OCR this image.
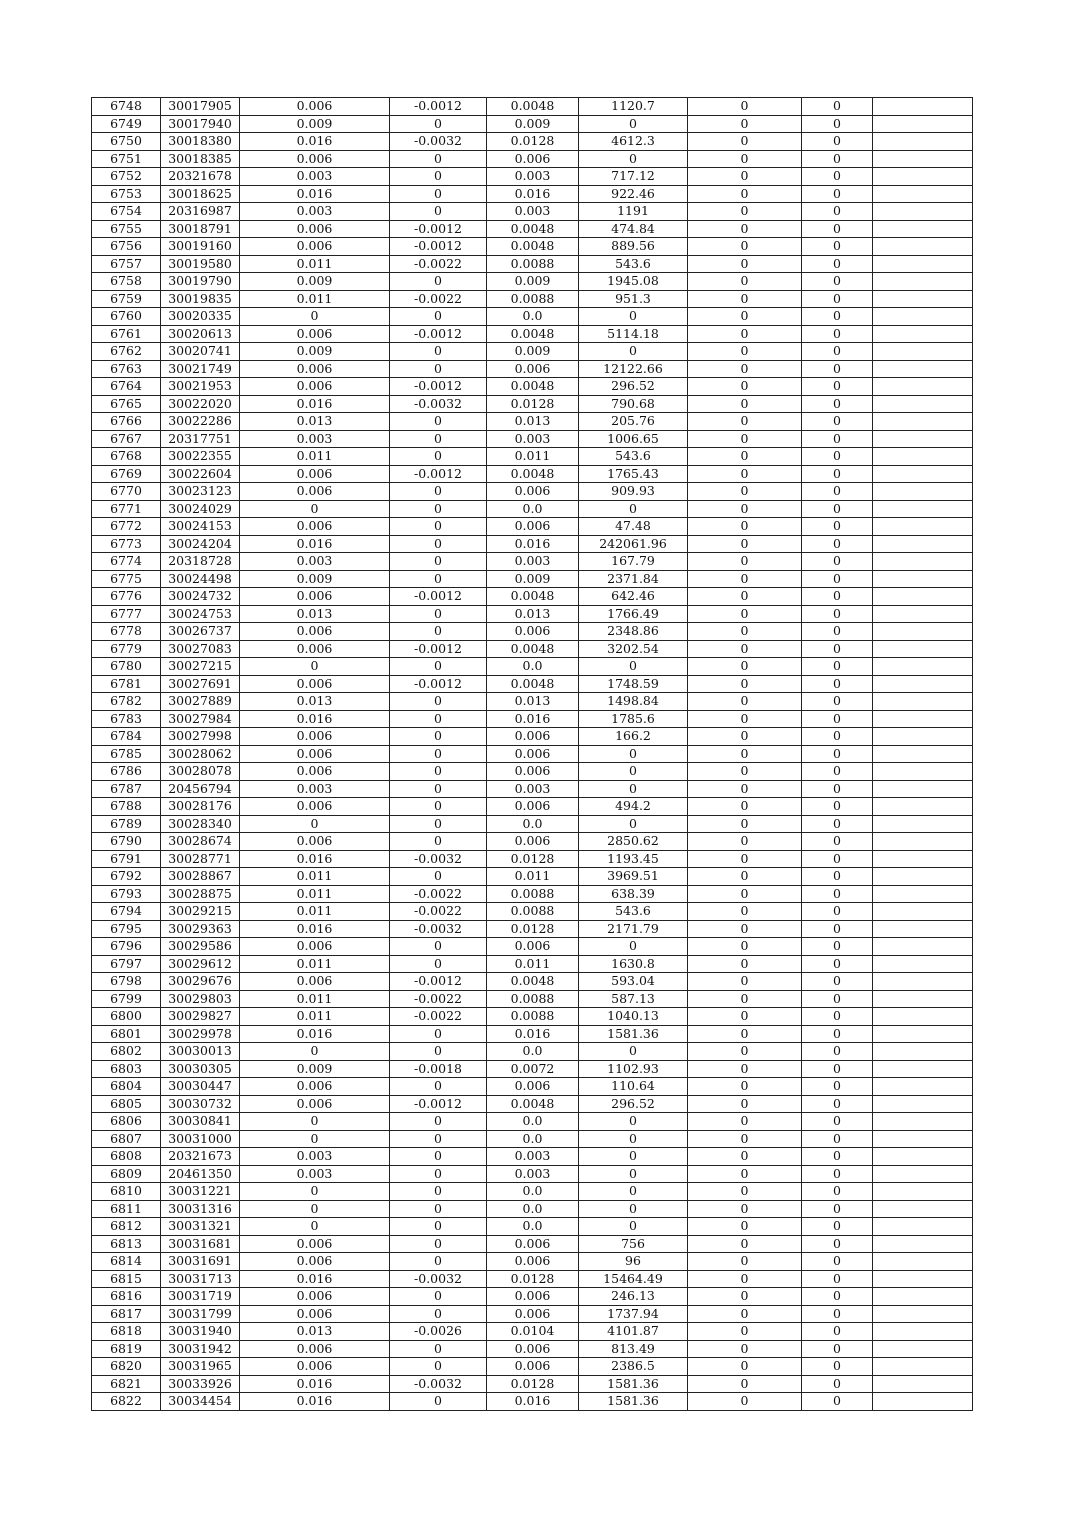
6748	30017905	0.006	-0.0012	0.0048	1120.7	0	0	
6749	30017940	0.009	0	0.009	0	0	0	
6750	30018380	0.016	-0.0032	0.0128	4612.3	0	0	
6751	30018385	0.006	0	0.006	0	0	0	
6752	20321678	0.003	0	0.003	717.12	0	0	
6753	30018625	0.016	0	0.016	922.46	0	0	
6754	20316987	0.003	0	0.003	1191	0	0	
6755	30018791	0.006	-0.0012	0.0048	474.84	0	0	
6756	30019160	0.006	-0.0012	0.0048	889.56	0	0	
6757	30019580	0.011	-0.0022	0.0088	543.6	0	0	
6758	30019790	0.009	0	0.009	1945.08	0	0	
6759	30019835	0.011	-0.0022	0.0088	951.3	0	0	
6760	30020335	0	0	0.0	0	0	0	
6761	30020613	0.006	-0.0012	0.0048	5114.18	0	0	
6762	30020741	0.009	0	0.009	0	0	0	
6763	30021749	0.006	0	0.006	12122.66	0	0	
6764	30021953	0.006	-0.0012	0.0048	296.52	0	0	
6765	30022020	0.016	-0.0032	0.0128	790.68	0	0	
6766	30022286	0.013	0	0.013	205.76	0	0	
6767	20317751	0.003	0	0.003	1006.65	0	0	
6768	30022355	0.011	0	0.011	543.6	0	0	
6769	30022604	0.006	-0.0012	0.0048	1765.43	0	0	
6770	30023123	0.006	0	0.006	909.93	0	0	
6771	30024029	0	0	0.0	0	0	0	
6772	30024153	0.006	0	0.006	47.48	0	0	
6773	30024204	0.016	0	0.016	242061.96	0	0	
6774	20318728	0.003	0	0.003	167.79	0	0	
6775	30024498	0.009	0	0.009	2371.84	0	0	
6776	30024732	0.006	-0.0012	0.0048	642.46	0	0	
6777	30024753	0.013	0	0.013	1766.49	0	0	
6778	30026737	0.006	0	0.006	2348.86	0	0	
6779	30027083	0.006	-0.0012	0.0048	3202.54	0	0	
6780	30027215	0	0	0.0	0	0	0	
6781	30027691	0.006	-0.0012	0.0048	1748.59	0	0	
6782	30027889	0.013	0	0.013	1498.84	0	0	
6783	30027984	0.016	0	0.016	1785.6	0	0	
6784	30027998	0.006	0	0.006	166.2	0	0	
6785	30028062	0.006	0	0.006	0	0	0	
6786	30028078	0.006	0	0.006	0	0	0	
6787	20456794	0.003	0	0.003	0	0	0	
6788	30028176	0.006	0	0.006	494.2	0	0	
6789	30028340	0	0	0.0	0	0	0	
6790	30028674	0.006	0	0.006	2850.62	0	0	
6791	30028771	0.016	-0.0032	0.0128	1193.45	0	0	
6792	30028867	0.011	0	0.011	3969.51	0	0	
6793	30028875	0.011	-0.0022	0.0088	638.39	0	0	
6794	30029215	0.011	-0.0022	0.0088	543.6	0	0	
6795	30029363	0.016	-0.0032	0.0128	2171.79	0	0	
6796	30029586	0.006	0	0.006	0	0	0	
6797	30029612	0.011	0	0.011	1630.8	0	0	
6798	30029676	0.006	-0.0012	0.0048	593.04	0	0	
6799	30029803	0.011	-0.0022	0.0088	587.13	0	0	
6800	30029827	0.011	-0.0022	0.0088	1040.13	0	0	
6801	30029978	0.016	0	0.016	1581.36	0	0	
6802	30030013	0	0	0.0	0	0	0	
6803	30030305	0.009	-0.0018	0.0072	1102.93	0	0	
6804	30030447	0.006	0	0.006	110.64	0	0	
6805	30030732	0.006	-0.0012	0.0048	296.52	0	0	
6806	30030841	0	0	0.0	0	0	0	
6807	30031000	0	0	0.0	0	0	0	
6808	20321673	0.003	0	0.003	0	0	0	
6809	20461350	0.003	0	0.003	0	0	0	
6810	30031221	0	0	0.0	0	0	0	
6811	30031316	0	0	0.0	0	0	0	
6812	30031321	0	0	0.0	0	0	0	
6813	30031681	0.006	0	0.006	756	0	0	
6814	30031691	0.006	0	0.006	96	0	0	
6815	30031713	0.016	-0.0032	0.0128	15464.49	0	0	
6816	30031719	0.006	0	0.006	246.13	0	0	
6817	30031799	0.006	0	0.006	1737.94	0	0	
6818	30031940	0.013	-0.0026	0.0104	4101.87	0	0	
6819	30031942	0.006	0	0.006	813.49	0	0	
6820	30031965	0.006	0	0.006	2386.5	0	0	
6821	30033926	0.016	-0.0032	0.0128	1581.36	0	0	
6822	30034454	0.016	0	0.016	1581.36	0	0	
